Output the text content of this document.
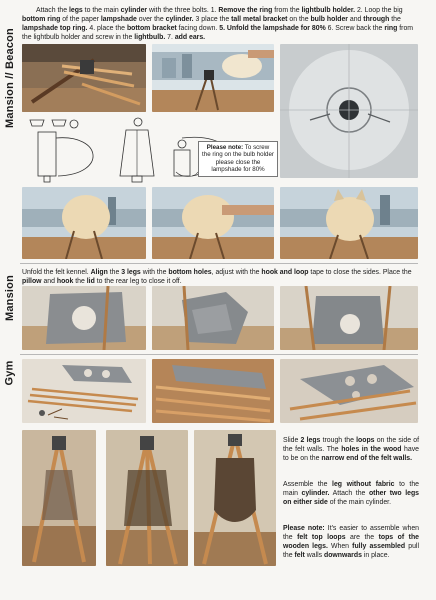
Mansion // Beacon
Mansion
Gym
Attach the legs to the main cylinder with the three bolts. 1. Remove the ring from the lightbulb holder. 2. Loop the big bottom ring of the paper lampshade over the cylinder. 3 place the tall metal bracket on the bulb holder and through the lampshade top ring. 4. place the bottom bracket facing down. 5. Unfold the lampshade for 80% 6. Screw back the ring from the lightbulb holder and screw in the lightbulb. 7. add ears.
Please note: To screw the ring on the bulb holder please close the lampshade for 80%
Unfold the felt kennel. Align the 3 legs with the bottom holes, adjust with the hook and loop tape to close the sides. Place the pillow and hook the lid to the rear leg to close it off.
Slide 2 legs trough the loops on the side of the felt walls. The holes in the wood have to be on the narrow end of the felt walls.
Assemble the leg without fabric to the main cylinder. Attach the other two legs on either side of the main cylinder.
Please note: It's easier to assemble when the felt top loops are the tops of the wooden legs. When fully assembled pull the felt walls downwards in place.
